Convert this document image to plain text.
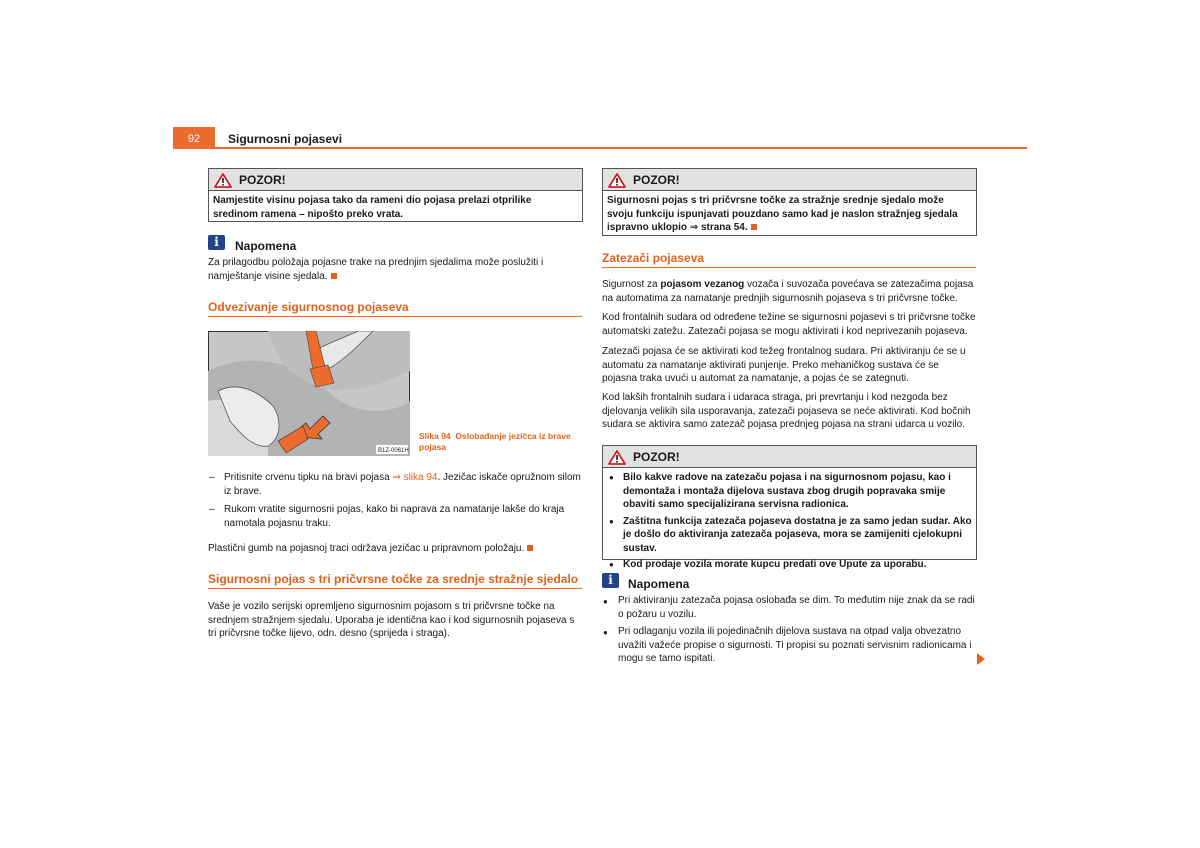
92	Sigurnosni pojasevi
POZOR!

Namjestite visinu pojasa tako da rameni dio pojasa prelazi otprilike sredinom ramena – nipošto preko vrata.

i
Napomena

Za prilagodbu položaja pojasne trake na prednjim sjedalima može poslužiti i namještanje visine sjedala.

Odvezivanje sigurnosnog pojaseva
B1Z-0061H
Slika 94 Oslobađanje jezičca iz brave pojasa
– Pritisnite crvenu tipku na bravi pojasa ⇒ slika 94. Jezičac iskače opružnom silom iz brave.

– Rukom vratite sigurnosni pojas, kako bi naprava za namatanje lakše do kraja namotala pojasnu traku.

Plastični gumb na pojasnoj traci održava jezičac u pripravnom položaju.

Sigurnosni pojas s tri pričvrsne točke za srednje stražnje sjedalo

Vaše je vozilo serijski opremljeno sigurnosnim pojasom s tri pričvrsne točke na srednjem stražnjem sjedalu. Uporaba je identična kao i kod sigurnosnih pojaseva s tri pričvrsne točke lijevo, odn. desno (sprijeda i straga).

POZOR!

Sigurnosni pojas s tri pričvrsne točke za stražnje srednje sjedalo može svoju funkciju ispunjavati pouzdano samo kad je naslon stražnjeg sjedala ispravno uklopio ⇒ strana 54.

Zatezači pojaseva

Sigurnost za pojasom vezanog vozača i suvozača povećava se zatezačima pojasa na automatima za namatanje prednjih sigurnosnih pojaseva s tri pričvrsne točke.

Kod frontalnih sudara od određene težine se sigurnosni pojasevi s tri pričvrsne točke automatski zatežu. Zatezači pojasa se mogu aktivirati i kod neprivezanih pojaseva.

Zatezači pojasa će se aktivirati kod težeg frontalnog sudara. Pri aktiviranju će se u automatu za namatanje aktivirati punjenje. Preko mehaničkog sustava će se pojasna traka uvući u automat za namatanje, a pojas će se zategnuti.

Kod lakših frontalnih sudara i udaraca straga, pri prevrtanju i kod nezgoda bez djelovanja velikih sila usporavanja, zatezači pojaseva se neće aktivirati. Kod bočnih sudara se aktivira samo zatezač pojasa prednjeg pojasa na strani udarca u vozilo.

POZOR!

● Bilo kakve radove na zatezaču pojasa i na sigurnosnom pojasu, kao i demontaža i montaža dijelova sustava zbog drugih popravaka smije obaviti samo specijalizirana servisna radionica.

● Zaštitna funkcija zatezača pojaseva dostatna je za samo jedan sudar. Ako je došlo do aktiviranja zatezača pojaseva, mora se zamijeniti cjelokupni sustav.

● Kod prodaje vozila morate kupcu predati ove Upute za uporabu.

i
Napomena
● Pri aktiviranju zatezača pojasa oslobađa se dim. To međutim nije znak da se radi o požaru u vozilu.

● Pri odlaganju vozila ili pojedinačnih dijelova sustava na otpad valja obvezatno uvažiti važeće propise o sigurnosti. Ti propisi su poznati servisnim radionicama i mogu se tamo ispitati.
